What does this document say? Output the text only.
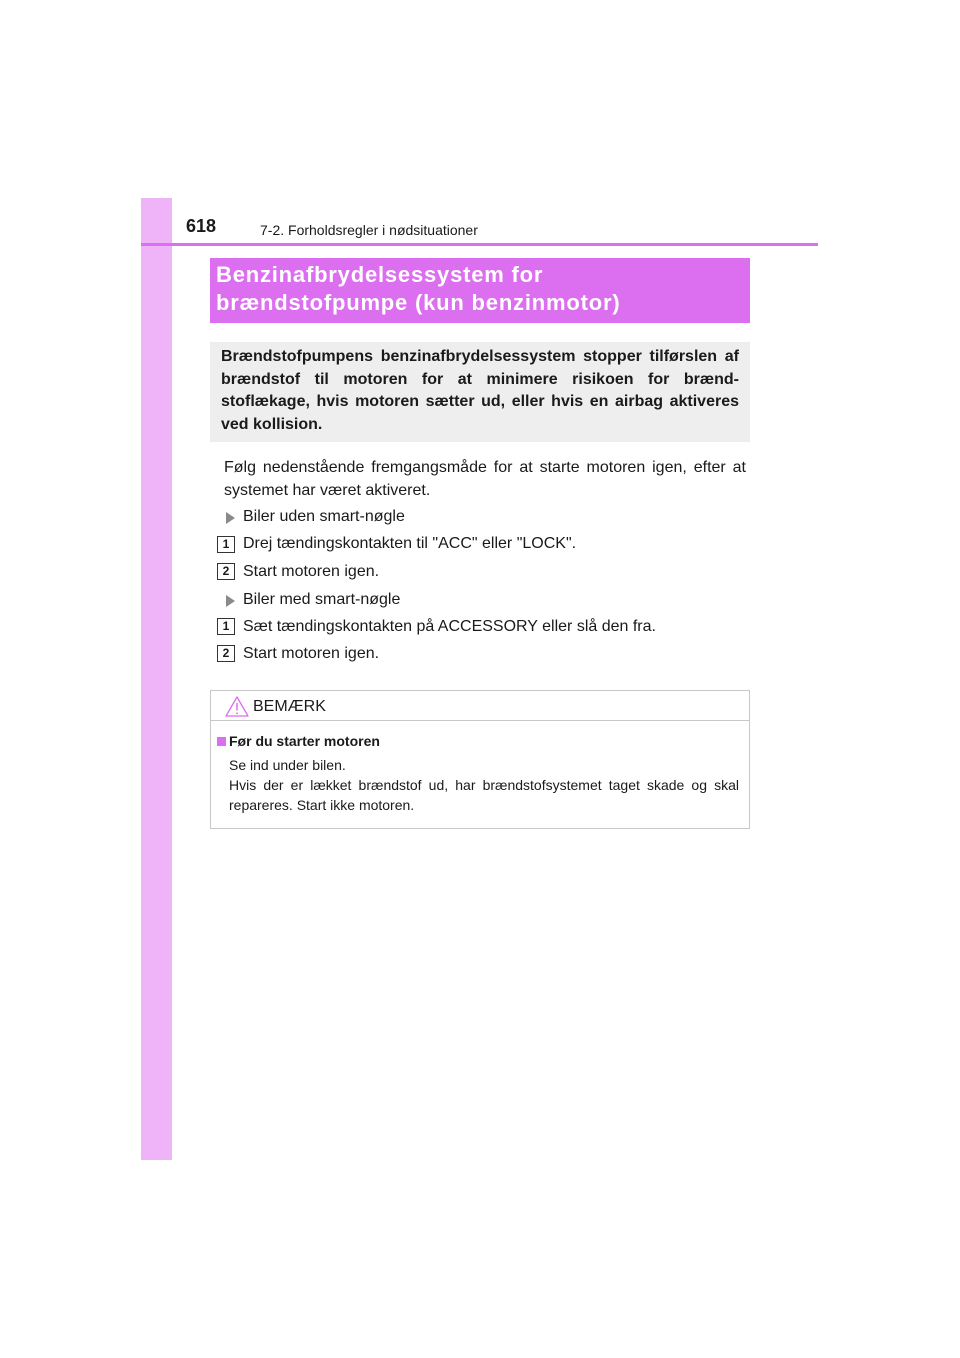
618	7-2. Forholdsregler i nødsituationer
Benzinafbrydelsessystem for
brændstofpumpe (kun benzinmotor)

Brændstofpumpens benzinafbrydelsessystem stopper tilførslen af brændstof til motoren for at minimere risikoen for brænd-stoflækage, hvis motoren sætter ud, eller hvis en airbag aktiveres ved kollision.

Følg nedenstående fremgangsmåde for at starte motoren igen, efter at systemet har været aktiveret.

Biler uden smart-nøgle
1 Drej tændingskontakten til "ACC" eller "LOCK".
2 Start motoren igen.
Biler med smart-nøgle
1 Sæt tændingskontakten på ACCESSORY eller slå den fra.
2 Start motoren igen.
BEMÆRK
Før du starter motoren

Se ind under bilen.
Hvis der er lækket brændstof ud, har brændstofsystemet taget skade og skal repareres. Start ikke motoren.
